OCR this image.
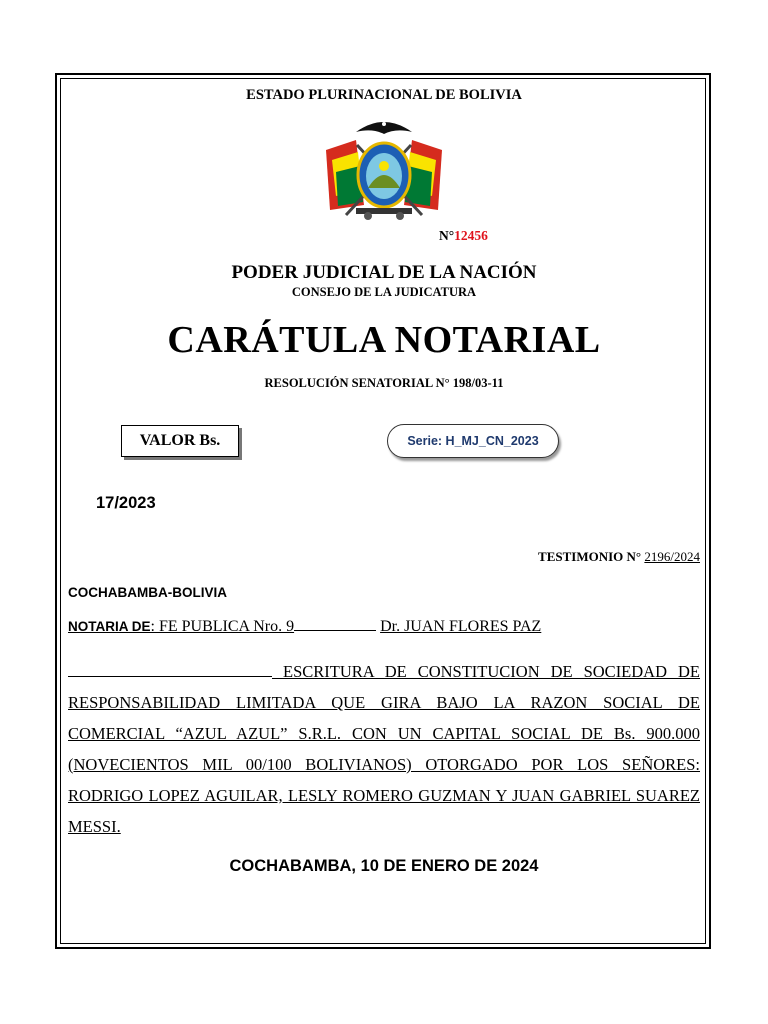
ESTADO PLURINACIONAL DE BOLIVIA
N°12456
PODER JUDICIAL DE LA NACIÓN
CONSEJO DE LA JUDICATURA
CARÁTULA NOTARIAL
RESOLUCIÓN SENATORIAL N° 198/03-11
VALOR Bs.	Serie: H_MJ_CN_2023
17/2023
TESTIMONIO N° 2196/2024
COCHABAMBA-BOLIVIA
NOTARIA DE: FE PUBLICA Nro. 9	Dr. JUAN FLORES PAZ
ESCRITURA DE CONSTITUCION DE SOCIEDAD DE RESPONSABILIDAD LIMITADA QUE GIRA BAJO LA RAZON SOCIAL DE COMERCIAL “AZUL AZUL” S.R.L. CON UN CAPITAL SOCIAL DE Bs. 900.000 (NOVECIENTOS MIL 00/100 BOLIVIANOS) OTORGADO POR LOS SEÑORES: RODRIGO LOPEZ AGUILAR, LESLY ROMERO GUZMAN Y JUAN GABRIEL SUAREZ MESSI.
COCHABAMBA, 10 DE ENERO DE 2024
